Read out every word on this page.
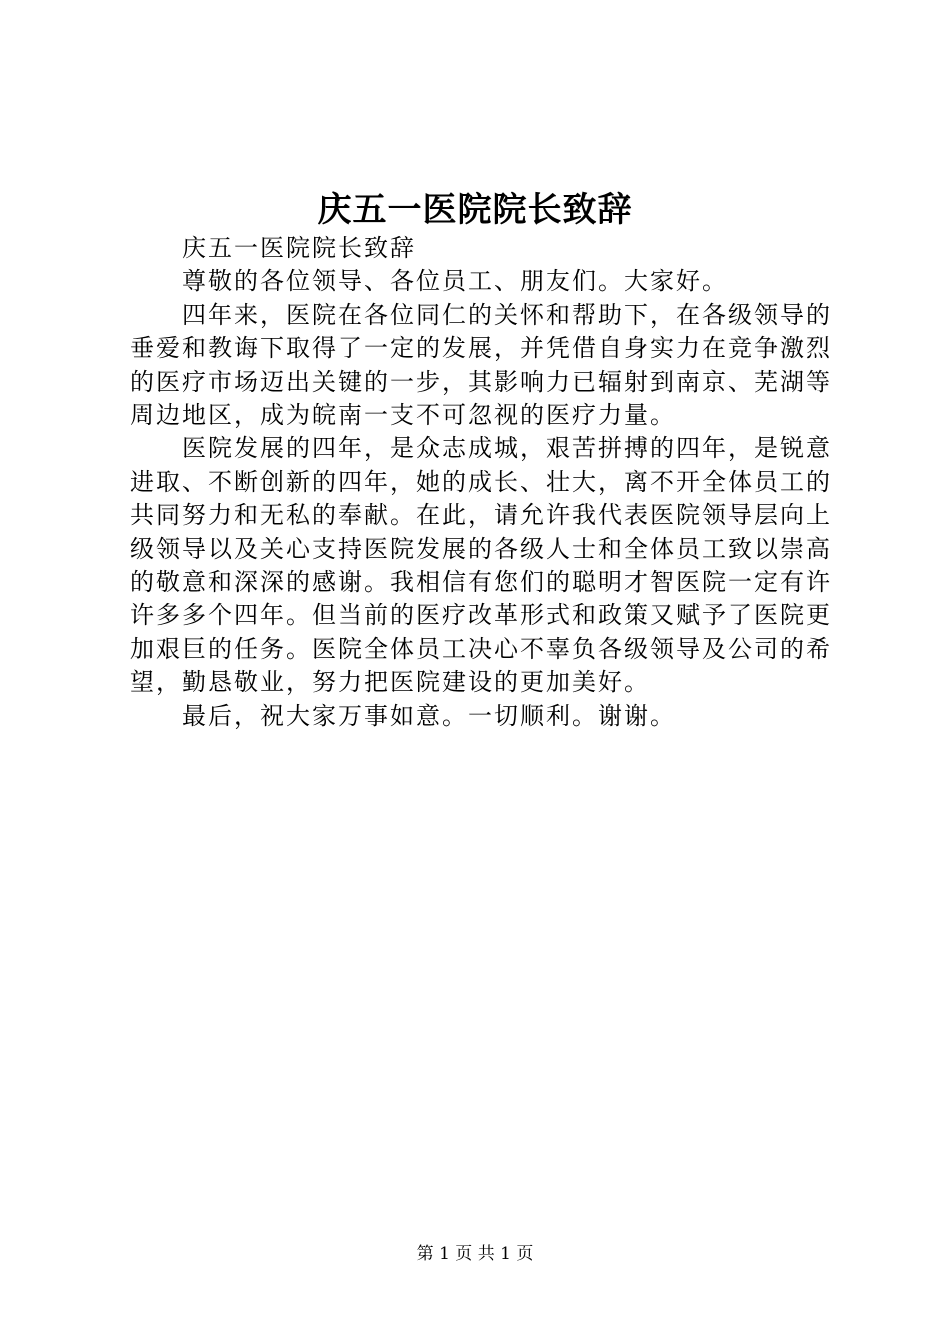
庆五一医院院长致辞

庆五一医院院长致辞

尊敬的各位领导、各位员工、朋友们。大家好。

四年来，医院在各位同仁的关怀和帮助下，在各级领导的垂爱和教诲下取得了一定的发展，并凭借自身实力在竞争激烈的医疗市场迈出关键的一步，其影响力已辐射到南京、芜湖等周边地区，成为皖南一支不可忽视的医疗力量。

医院发展的四年，是众志成城，艰苦拼搏的四年，是锐意进取、不断创新的四年，她的成长、壮大，离不开全体员工的共同努力和无私的奉献。在此，请允许我代表医院领导层向上级领导以及关心支持医院发展的各级人士和全体员工致以崇高的敬意和深深的感谢。我相信有您们的聪明才智医院一定有许许多多个四年。但当前的医疗改革形式和政策又赋予了医院更加艰巨的任务。医院全体员工决心不辜负各级领导及公司的希望，勤恳敬业，努力把医院建设的更加美好。

最后，祝大家万事如意。一切顺利。谢谢。

第 1 页 共 1 页
